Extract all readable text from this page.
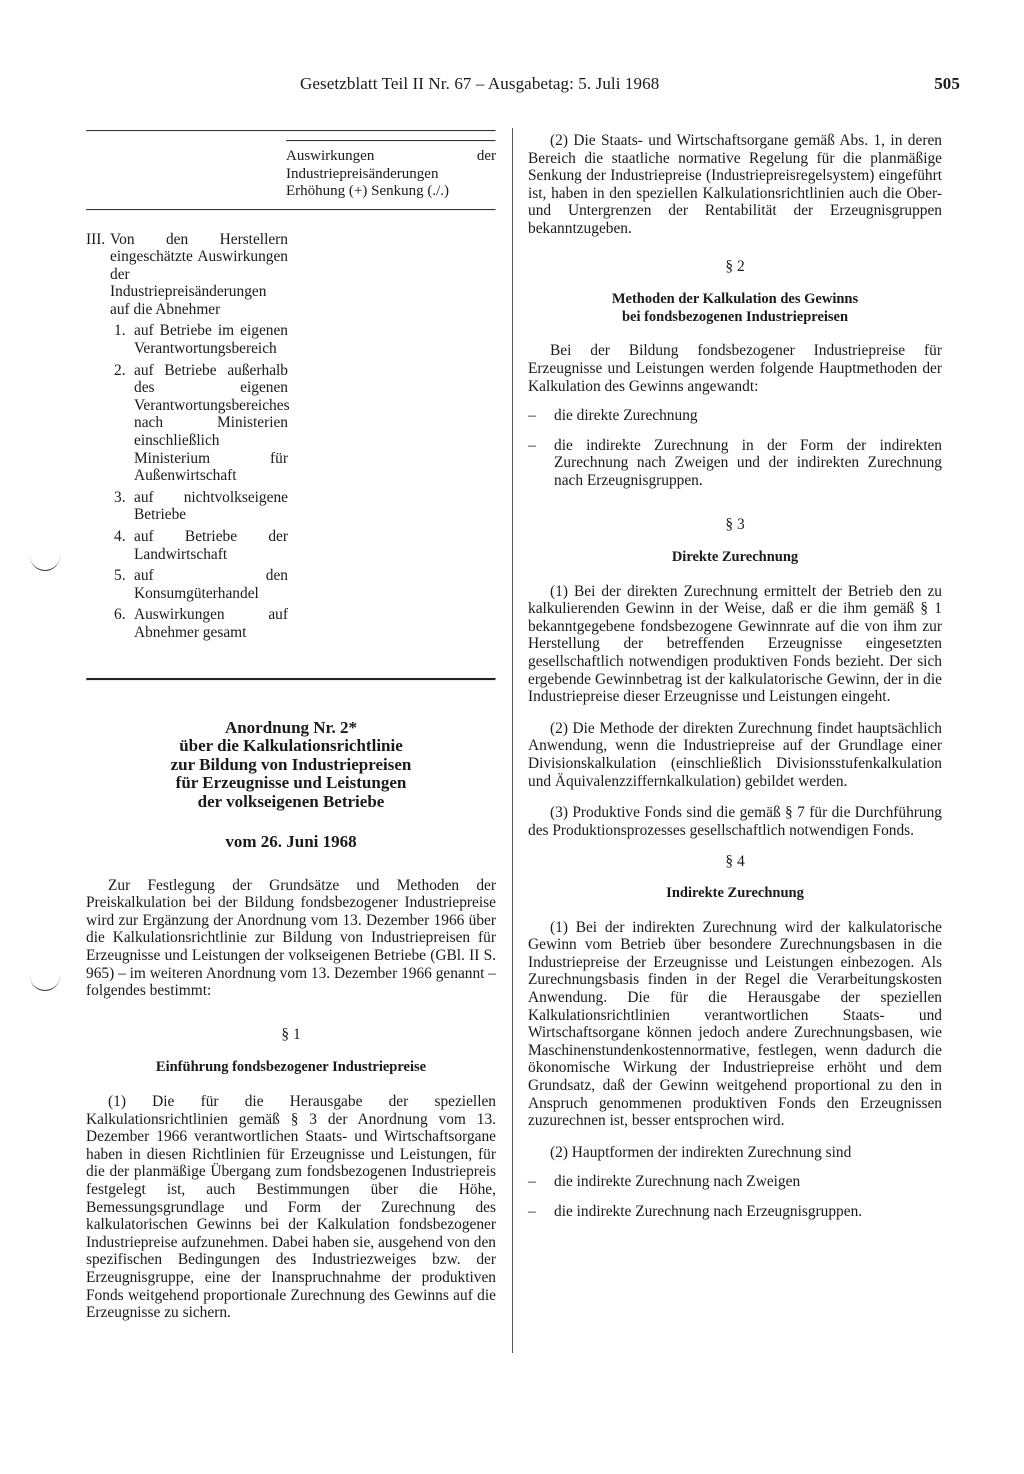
Gesetzblatt Teil II Nr. 67 – Ausgabetag: 5. Juli 1968	505
Auswirkungen der Industriepreisänderungen Erhöhung (+) Senkung (./.)
III. Von den Herstellern eingeschätzte Auswirkungen der Industriepreisänderungen auf die Abnehmer
1. auf Betriebe im eigenen Verantwortungsbereich
2. auf Betriebe außerhalb des eigenen Verantwortungsbereiches nach Ministerien einschließlich Ministerium für Außenwirtschaft
3. auf nichtvolkseigene Betriebe
4. auf Betriebe der Landwirtschaft
5. auf den Konsumgüterhandel
6. Auswirkungen auf Abnehmer gesamt
Anordnung Nr. 2*
über die Kalkulationsrichtlinie
zur Bildung von Industriepreisen
für Erzeugnisse und Leistungen
der volkseigenen Betriebe
vom 26. Juni 1968

Zur Festlegung der Grundsätze und Methoden der Preiskalkulation bei der Bildung fondsbezogener Industriepreise wird zur Ergänzung der Anordnung vom 13. Dezember 1966 über die Kalkulationsrichtlinie zur Bildung von Industriepreisen für Erzeugnisse und Leistungen der volkseigenen Betriebe (GBl. II S. 965) – im weiteren Anordnung vom 13. Dezember 1966 genannt – folgendes bestimmt:

§ 1

Einführung fondsbezogener Industriepreise

(1) Die für die Herausgabe der speziellen Kalkulationsrichtlinien gemäß § 3 der Anordnung vom 13. Dezember 1966 verantwortlichen Staats- und Wirtschaftsorgane haben in diesen Richtlinien für Erzeugnisse und Leistungen, für die der planmäßige Übergang zum fondsbezogenen Industriepreis festgelegt ist, auch Bestimmungen über die Höhe, Bemessungsgrundlage und Form der Zurechnung des kalkulatorischen Gewinns bei der Kalkulation fondsbezogener Industriepreise aufzunehmen. Dabei haben sie, ausgehend von den spezifischen Bedingungen des Industriezweiges bzw. der Erzeugnisgruppe, eine der Inanspruchnahme der produktiven Fonds weitgehend proportionale Zurechnung des Gewinns auf die Erzeugnisse zu sichern.

(2) Die Staats- und Wirtschaftsorgane gemäß Abs. 1, in deren Bereich die staatliche normative Regelung für die planmäßige Senkung der Industriepreise (Industriepreisregelsystem) eingeführt ist, haben in den speziellen Kalkulationsrichtlinien auch die Ober- und Untergrenzen der Rentabilität der Erzeugnisgruppen bekanntzugeben.

§ 2

Methoden der Kalkulation des Gewinns
bei fondsbezogenen Industriepreisen

Bei der Bildung fondsbezogener Industriepreise für Erzeugnisse und Leistungen werden folgende Hauptmethoden der Kalkulation des Gewinns angewandt:

–	die direkte Zurechnung
–	die indirekte Zurechnung in der Form der indirekten Zurechnung nach Zweigen und der indirekten Zurechnung nach Erzeugnisgruppen.

§ 3

Direkte Zurechnung

(1) Bei der direkten Zurechnung ermittelt der Betrieb den zu kalkulierenden Gewinn in der Weise, daß er die ihm gemäß § 1 bekanntgegebene fondsbezogene Gewinnrate auf die von ihm zur Herstellung der betreffenden Erzeugnisse eingesetzten gesellschaftlich notwendigen produktiven Fonds bezieht. Der sich ergebende Gewinnbetrag ist der kalkulatorische Gewinn, der in die Industriepreise dieser Erzeugnisse und Leistungen eingeht.

(2) Die Methode der direkten Zurechnung findet hauptsächlich Anwendung, wenn die Industriepreise auf der Grundlage einer Divisionskalkulation (einschließlich Divisionsstufenkalkulation und Äquivalenzziffernkalkulation) gebildet werden.

(3) Produktive Fonds sind die gemäß § 7 für die Durchführung des Produktionsprozesses gesellschaftlich notwendigen Fonds.

§ 4

Indirekte Zurechnung

(1) Bei der indirekten Zurechnung wird der kalkulatorische Gewinn vom Betrieb über besondere Zurechnungsbasen in die Industriepreise der Erzeugnisse und Leistungen einbezogen. Als Zurechnungsbasis finden in der Regel die Verarbeitungskosten Anwendung. Die für die Herausgabe der speziellen Kalkulationsrichtlinien verantwortlichen Staats- und Wirtschaftsorgane können jedoch andere Zurechnungsbasen, wie Maschinenstundenkostennormative, festlegen, wenn dadurch die ökonomische Wirkung der Industriepreise erhöht und dem Grundsatz, daß der Gewinn weitgehend proportional zu den in Anspruch genommenen produktiven Fonds den Erzeugnissen zuzurechnen ist, besser entsprochen wird.

(2) Hauptformen der indirekten Zurechnung sind

–	die indirekte Zurechnung nach Zweigen
–	die indirekte Zurechnung nach Erzeugnisgruppen.
